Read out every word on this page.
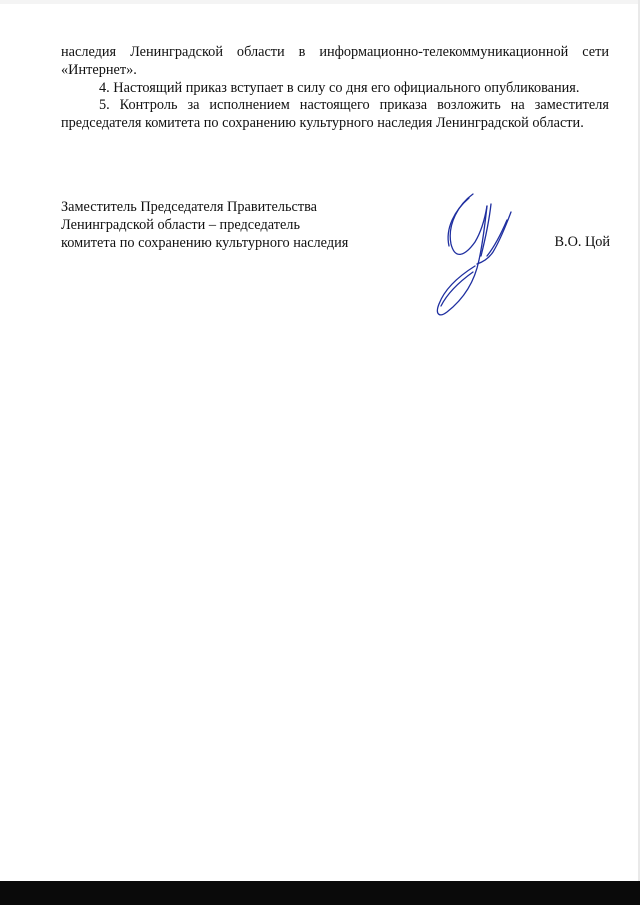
наследия Ленинградской области в информационно-телекоммуникационной сети «Интернет».

4. Настоящий приказ вступает в силу со дня его официального опубликования.

5. Контроль за исполнением настоящего приказа возложить на заместителя председателя комитета по сохранению культурного наследия Ленинградской области.

Заместитель Председателя Правительства
Ленинградской области – председатель
комитета по сохранению культурного наследия	В.О. Цой
